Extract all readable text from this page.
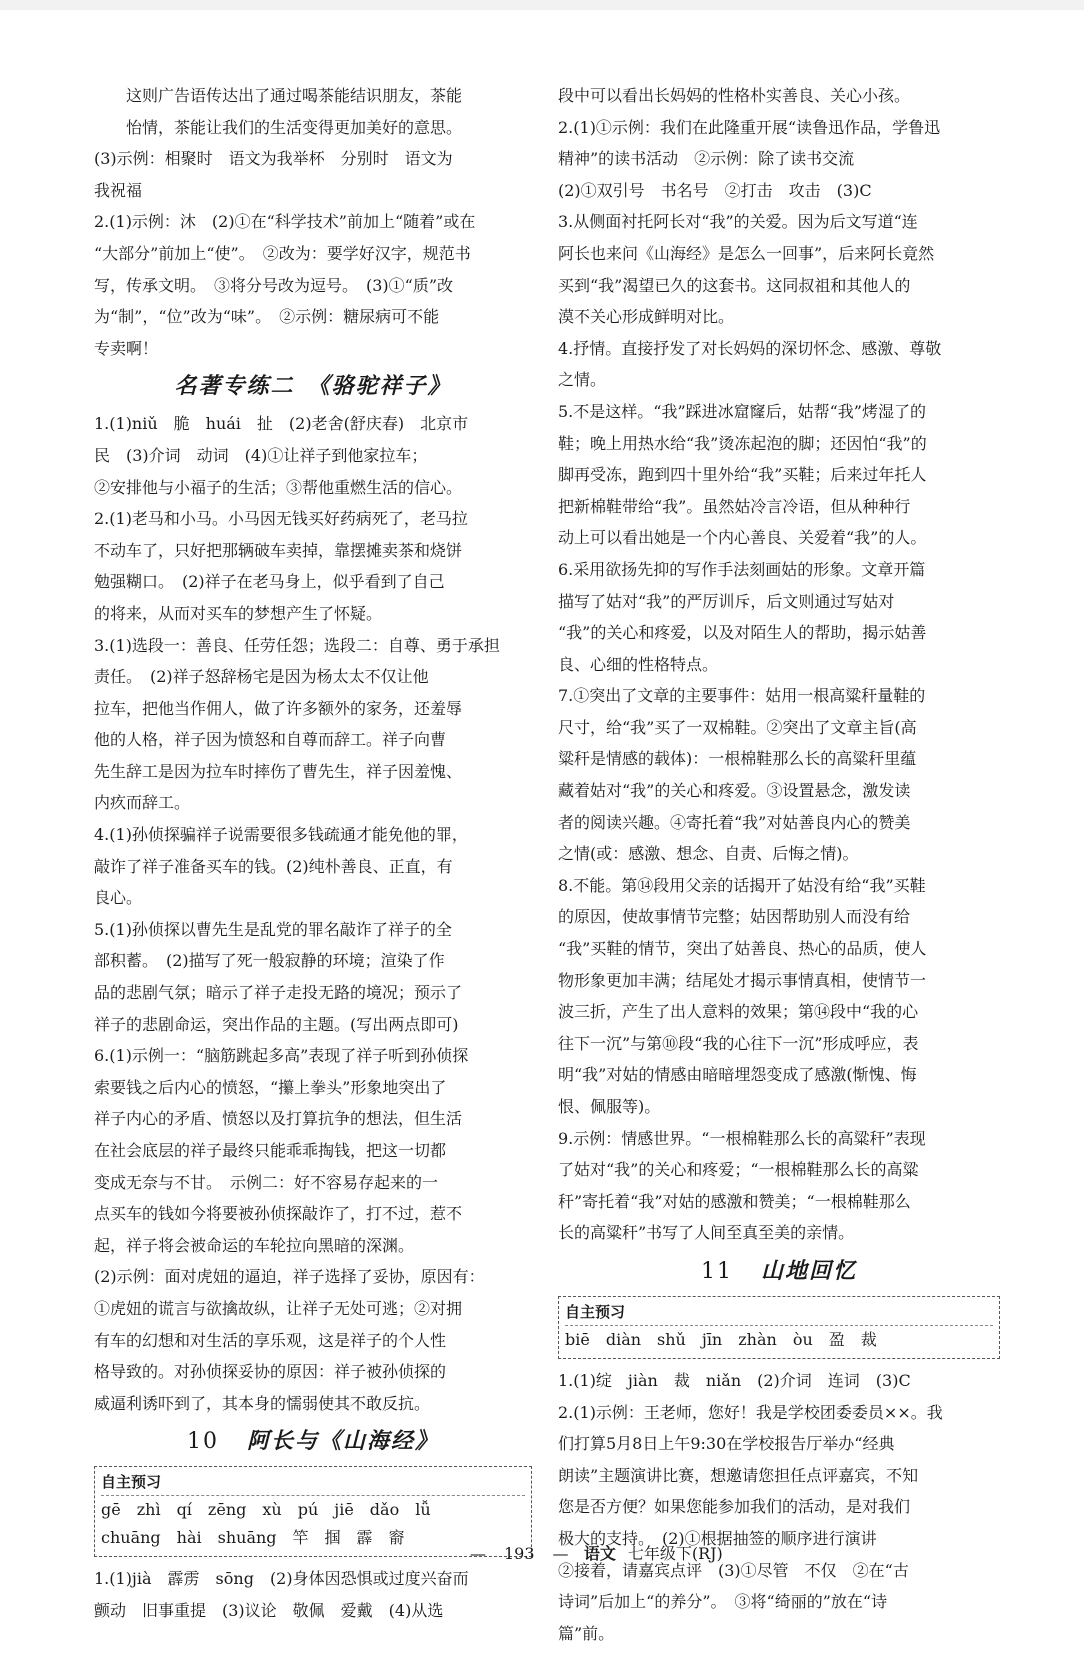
这则广告语传达出了通过喝茶能结识朋友，茶能

怡情，茶能让我们的生活变得更加美好的意思。

(3)示例：相聚时　语文为我举杯　分别时　语文为

我祝福

2.(1)示例：沐　(2)①在“科学技术”前加上“随着”或在

“大部分”前加上“使”。　②改为：要学好汉字，规范书

写，传承文明。　③将分号改为逗号。　(3)①“质”改

为“制”，“位”改为“味”。　②示例：糖尿病可不能

专卖啊！

名著专练二　《骆驼祥子》

1.(1)niǔ　脆　huái　扯　(2)老舍(舒庆春)　北京市

民　(3)介词　动词　(4)①让祥子到他家拉车；

②安排他与小福子的生活；③帮他重燃生活的信心。

2.(1)老马和小马。小马因无钱买好药病死了，老马拉

不动车了，只好把那辆破车卖掉，靠摆摊卖茶和烧饼

勉强糊口。　(2)祥子在老马身上，似乎看到了自己

的将来，从而对买车的梦想产生了怀疑。

3.(1)选段一：善良、任劳任怨；选段二：自尊、勇于承担

责任。　(2)祥子怒辞杨宅是因为杨太太不仅让他

拉车，把他当作佣人，做了许多额外的家务，还羞辱

他的人格，祥子因为愤怒和自尊而辞工。祥子向曹

先生辞工是因为拉车时摔伤了曹先生，祥子因羞愧、

内疚而辞工。

4.(1)孙侦探骗祥子说需要很多钱疏通才能免他的罪，

敲诈了祥子准备买车的钱。(2)纯朴善良、正直，有

良心。

5.(1)孙侦探以曹先生是乱党的罪名敲诈了祥子的全

部积蓄。　(2)描写了死一般寂静的环境；渲染了作

品的悲剧气氛；暗示了祥子走投无路的境况；预示了

祥子的悲剧命运，突出作品的主题。(写出两点即可)

6.(1)示例一：“脑筋跳起多高”表现了祥子听到孙侦探

索要钱之后内心的愤怒，“攥上拳头”形象地突出了

祥子内心的矛盾、愤怒以及打算抗争的想法，但生活

在社会底层的祥子最终只能乖乖掏钱，把这一切都

变成无奈与不甘。　示例二：好不容易存起来的一

点买车的钱如今将要被孙侦探敲诈了，打不过，惹不

起，祥子将会被命运的车轮拉向黑暗的深渊。

(2)示例：面对虎妞的逼迫，祥子选择了妥协，原因有：

①虎妞的谎言与欲擒故纵，让祥子无处可逃；②对拥

有车的幻想和对生活的享乐观，这是祥子的个人性

格导致的。对孙侦探妥协的原因：祥子被孙侦探的

威逼利诱吓到了，其本身的懦弱使其不敢反抗。

10 阿长与《山海经》
自主预习
gē　zhì　qí　zēng　xù　pú　jiē　dǎo　lǚ
chuāng　hài　shuāng　竿　掴　霹　窬

1.(1)jià　霹雳　sōng　(2)身体因恐惧或过度兴奋而

颤动　旧事重提　(3)议论　敬佩　爱戴　(4)从选

段中可以看出长妈妈的性格朴实善良、关心小孩。

2.(1)①示例：我们在此隆重开展“读鲁迅作品，学鲁迅

精神”的读书活动　②示例：除了读书交流

(2)①双引号　书名号　②打击　攻击　(3)C

3.从侧面衬托阿长对“我”的关爱。因为后文写道“连

阿长也来问《山海经》是怎么一回事”，后来阿长竟然

买到“我”渴望已久的这套书。这同叔祖和其他人的

漠不关心形成鲜明对比。

4.抒情。直接抒发了对长妈妈的深切怀念、感激、尊敬

之情。

5.不是这样。“我”踩进冰窟窿后，姑帮“我”烤湿了的

鞋；晚上用热水给“我”烫冻起泡的脚；还因怕“我”的

脚再受冻，跑到四十里外给“我”买鞋；后来过年托人

把新棉鞋带给“我”。虽然姑冷言冷语，但从种种行

动上可以看出她是一个内心善良、关爱着“我”的人。

6.采用欲扬先抑的写作手法刻画姑的形象。文章开篇

描写了姑对“我”的严厉训斥，后文则通过写姑对

“我”的关心和疼爱，以及对陌生人的帮助，揭示姑善

良、心细的性格特点。

7.①突出了文章的主要事件：姑用一根高粱秆量鞋的

尺寸，给“我”买了一双棉鞋。②突出了文章主旨(高

粱秆是情感的载体)：一根棉鞋那么长的高粱秆里蕴

藏着姑对“我”的关心和疼爱。③设置悬念，激发读

者的阅读兴趣。④寄托着“我”对姑善良内心的赞美

之情(或：感激、想念、自责、后悔之情)。

8.不能。第⑭段用父亲的话揭开了姑没有给“我”买鞋

的原因，使故事情节完整；姑因帮助别人而没有给

“我”买鞋的情节，突出了姑善良、热心的品质，使人

物形象更加丰满；结尾处才揭示事情真相，使情节一

波三折，产生了出人意料的效果；第⑭段中“我的心

往下一沉”与第⑩段“我的心往下一沉”形成呼应，表

明“我”对姑的情感由暗暗埋怨变成了感激(惭愧、悔

恨、佩服等)。

9.示例：情感世界。“一根棉鞋那么长的高粱秆”表现

了姑对“我”的关心和疼爱；“一根棉鞋那么长的高粱

秆”寄托着“我”对姑的感激和赞美；“一根棉鞋那么

长的高粱秆”书写了人间至真至美的亲情。

11 山地回忆
自主预习
biē　diàn　shǔ　jīn　zhàn　òu　盈　裁

1.(1)绽　jiàn　裁　niǎn　(2)介词　连词　(3)C

2.(1)示例：王老师，您好！我是学校团委委员××。我

们打算5月8日上午9:30在学校报告厅举办“经典

朗读”主题演讲比赛，想邀请您担任点评嘉宾，不知

您是否方便？如果您能参加我们的活动，是对我们

极大的支持。　(2)①根据抽签的顺序进行演讲

②接着，请嘉宾点评　(3)①尽管　不仅　②在“古

诗词”后加上“的养分”。　③将“绮丽的”放在“诗

篇”前。

— 193 — 语文 七年级下(RJ)
